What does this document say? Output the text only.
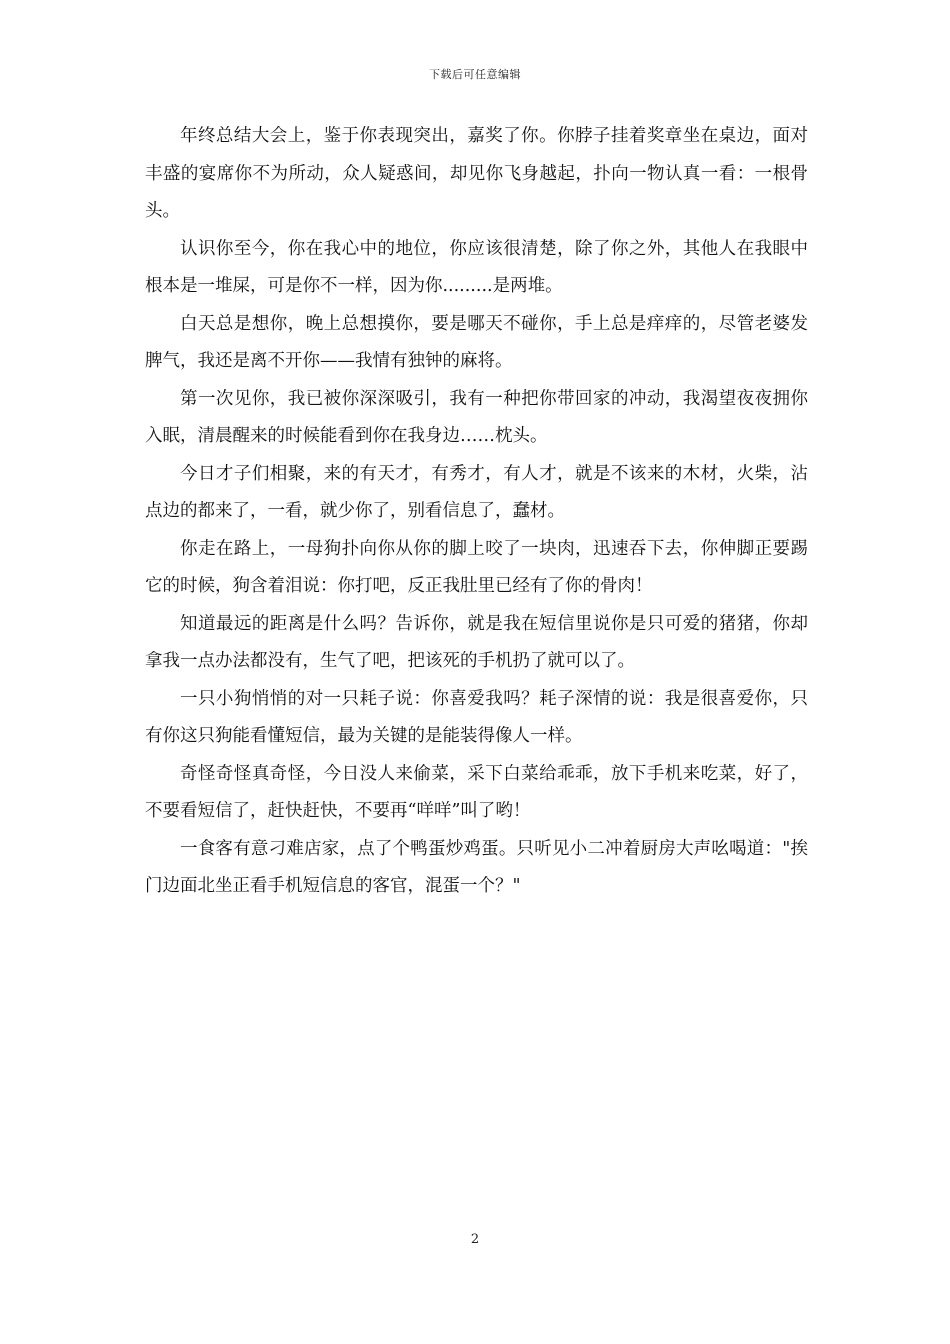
下载后可任意编辑

年终总结大会上，鉴于你表现突出，嘉奖了你。你脖子挂着奖章坐在桌边，面对丰盛的宴席你不为所动，众人疑惑间，却见你飞身越起，扑向一物认真一看：一根骨头。

认识你至今，你在我心中的地位，你应该很清楚，除了你之外，其他人在我眼中根本是一堆屎，可是你不一样，因为你.........是两堆。

白天总是想你，晚上总想摸你，要是哪天不碰你，手上总是痒痒的，尽管老婆发脾气，我还是离不开你——我情有独钟的麻将。

第一次见你，我已被你深深吸引，我有一种把你带回家的冲动，我渴望夜夜拥你入眠，清晨醒来的时候能看到你在我身边……枕头。

今日才子们相聚，来的有天才，有秀才，有人才，就是不该来的木材，火柴，沾点边的都来了，一看，就少你了，别看信息了，蠢材。

你走在路上，一母狗扑向你从你的脚上咬了一块肉，迅速吞下去，你伸脚正要踢它的时候，狗含着泪说：你打吧，反正我肚里已经有了你的骨肉！

知道最远的距离是什么吗？告诉你，就是我在短信里说你是只可爱的猪猪，你却拿我一点办法都没有，生气了吧，把该死的手机扔了就可以了。

一只小狗悄悄的对一只耗子说：你喜爱我吗？耗子深情的说：我是很喜爱你，只有你这只狗能看懂短信，最为关键的是能装得像人一样。

奇怪奇怪真奇怪，今日没人来偷菜，采下白菜给乖乖，放下手机来吃菜，好了，不要看短信了，赶快赶快，不要再“咩咩”叫了哟！

一食客有意刁难店家，点了个鸭蛋炒鸡蛋。只听见小二冲着厨房大声吆喝道："挨门边面北坐正看手机短信息的客官，混蛋一个？"

2
